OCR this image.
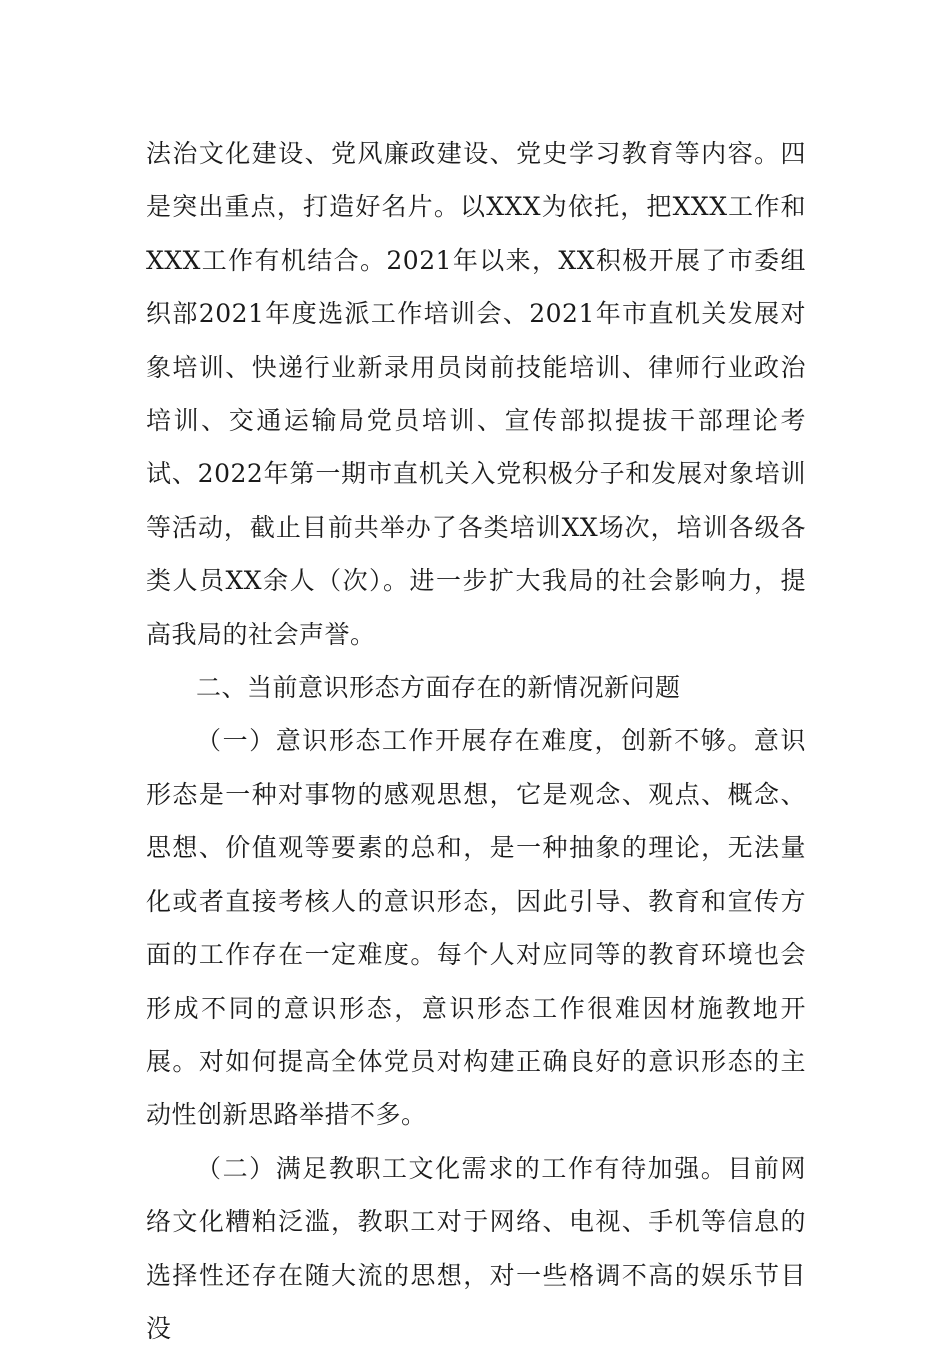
法治文化建设、党风廉政建设、党史学习教育等内容。四是突出重点，打造好名片。以XXX为依托，把XXX工作和XXX工作有机结合。2021年以来，XX积极开展了市委组织部2021年度选派工作培训会、2021年市直机关发展对象培训、快递行业新录用员岗前技能培训、律师行业政治培训、交通运输局党员培训、宣传部拟提拔干部理论考试、2022年第一期市直机关入党积极分子和发展对象培训等活动，截止目前共举办了各类培训XX场次，培训各级各类人员XX余人（次）。进一步扩大我局的社会影响力，提高我局的社会声誉。

二、当前意识形态方面存在的新情况新问题

（一）意识形态工作开展存在难度，创新不够。意识形态是一种对事物的感观思想，它是观念、观点、概念、思想、价值观等要素的总和，是一种抽象的理论，无法量化或者直接考核人的意识形态，因此引导、教育和宣传方面的工作存在一定难度。每个人对应同等的教育环境也会形成不同的意识形态，意识形态工作很难因材施教地开展。对如何提高全体党员对构建正确良好的意识形态的主动性创新思路举措不多。

（二）满足教职工文化需求的工作有待加强。目前网络文化糟粕泛滥，教职工对于网络、电视、手机等信息的选择性还存在随大流的思想，对一些格调不高的娱乐节目没
